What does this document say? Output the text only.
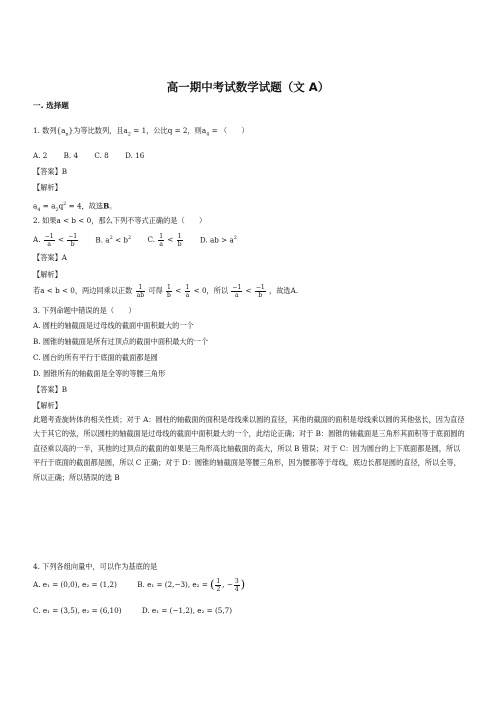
高一期中考试数学试题（文 A）
一. 选择题
1. 数列$\{a_n\}$为等比数列，且$a_2 = 1$，公比q = 2，则$a_4$ = （　　）
A. 2 B. 4 C. 8 D. 16
【答案】B
【解析】
$a_4 = a_2q^2 = 4$，故选B。
2. 如果a < b < 0，那么下列不等式正确的是（　　）
A. $\frac{-1}{a} < \frac{-1}{b} B$. $a^2 < b^2$ C. $\frac{1}{a} < \frac{1}{b} D$. ab > $a^2$
【答案】A
【解析】
若a < b < 0，两边同乘以正数 $\frac{1}{ab}$ 可得 $\frac{1}{b} < \frac{1}{a} < 0$，所以 $\frac{-1}{a} < \frac{-1}{b}$ ，故选A.
3. 下列命题中错误的是（　　）
A. 圆柱的轴截面是过母线的截面中面积最大的一个
B. 圆锥的轴截面是所有过顶点的截面中面积最大的一个
C. 圆台的所有平行于底面的截面都是圆
D. 圆锥所有的轴截面是全等的等腰三角形
【答案】B
【解析】
此题考查旋转体的相关性质；对于 A：圆柱的轴截面的面积是母线乘以圆的直径，其他的截面的面积是母线乘以圆的其他弦长，因为直径大于其它的弦，所以圆柱的轴截面是过母线的截面中面积最大的一个，此结论正确；对于 B：圆锥的轴截面是三角形其面积等于底面圆的直径乘以高的一半，其他的过顶点的截面的如果是三角形高比轴截面的高大，所以 B 错误；对于 C：因为圆台的上下底面都是圆，所以平行于底面的截面都是圆，所以 C 正确；对于 D：圆锥的轴截面是等腰三角形，因为腰都等于母线，底边长都是圆的直径，所以全等，所以正确；所以错误的选 B
4. 下列各组向量中，可以作为基底的是
A. e₁ = (0,0), e₂ = (1,2)	B. e₁ = (2,−3), e₂ = ( $\frac{1}{2}$ , − $\frac{3}{4}$ )
C. e₁ = (3,5), e₂ = (6,10)	D. e₁ = (−1,2), e₂ = (5,7)
